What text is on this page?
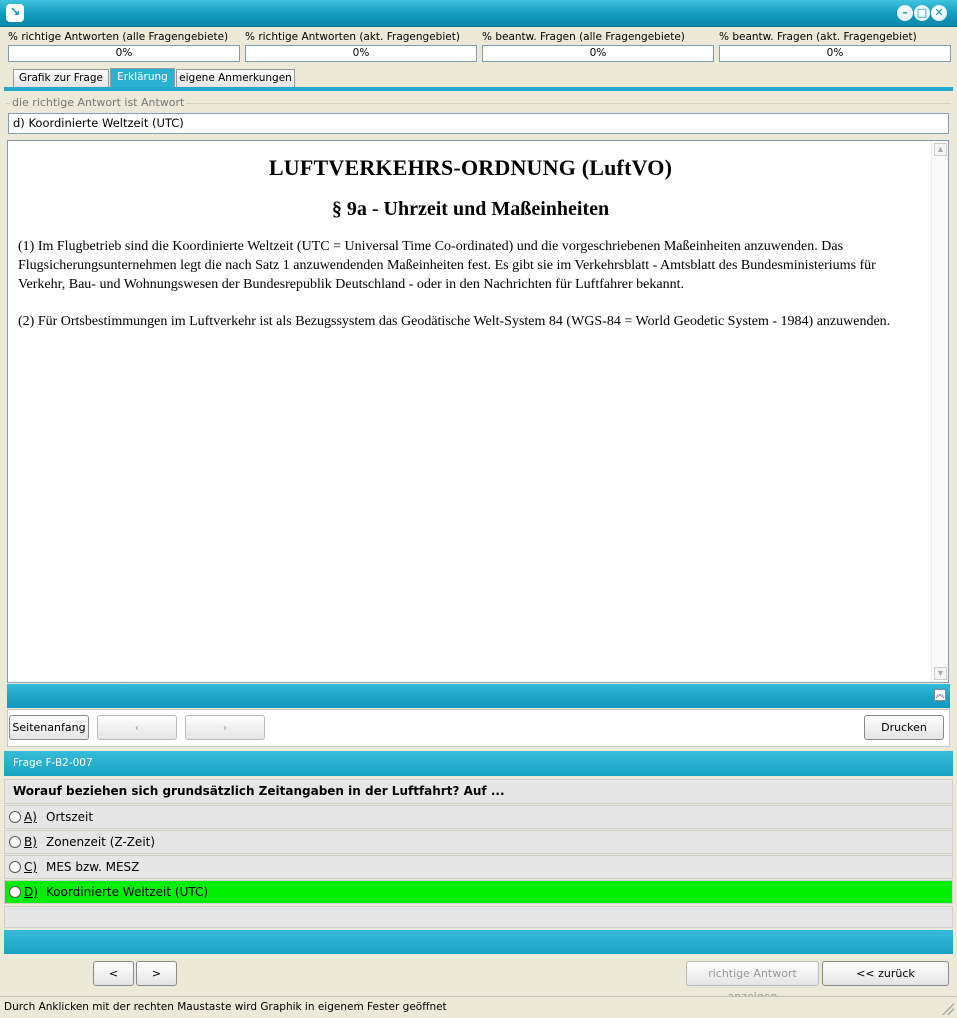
↘	– □ ✕
% richtige Antworten (alle Fragengebiete)
0%
% richtige Antworten (akt. Fragengebiet)
0%
% beantw. Fragen (alle Fragengebiete)
0%
% beantw. Fragen (akt. Fragengebiet)
0%
Grafik zur Frage	Erklärung	eigene Anmerkungen
die richtige Antwort ist Antwort
d) Koordinierte Weltzeit (UTC)
LUFTVERKEHRS-ORDNUNG (LuftVO)
§ 9a - Uhrzeit und Maßeinheiten

(1) Im Flugbetrieb sind die Koordinierte Weltzeit (UTC = Universal Time Co-ordinated) und die vorgeschriebenen Maßeinheiten anzuwenden. Das Flugsicherungsunternehmen legt die nach Satz 1 anzuwendenden Maßeinheiten fest. Es gibt sie im Verkehrsblatt - Amtsblatt des Bundesministeriums für Verkehr, Bau- und Wohnungswesen der Bundesrepublik Deutschland - oder in den Nachrichten für Luftfahrer bekannt.

(2) Für Ortsbestimmungen im Luftverkehr ist als Bezugssystem das Geodätische Welt-System 84 (WGS-84 = World Geodetic System - 1984) anzuwenden.

▲
▼
︽
Seitenanfang	‹	›	Drucken
Frage F-B2-007
Worauf beziehen sich grundsätzlich Zeitangaben in der Luftfahrt? Auf ...
A) Ortszeit
B) Zonenzeit (Z-Zeit)
C) MES bzw. MESZ
D) Koordinierte Weltzeit (UTC)
<	>	richtige Antwort	<< zurück
Durch Anklicken mit der rechten Maustaste wird Graphik in eigenem Fester geöffnet
